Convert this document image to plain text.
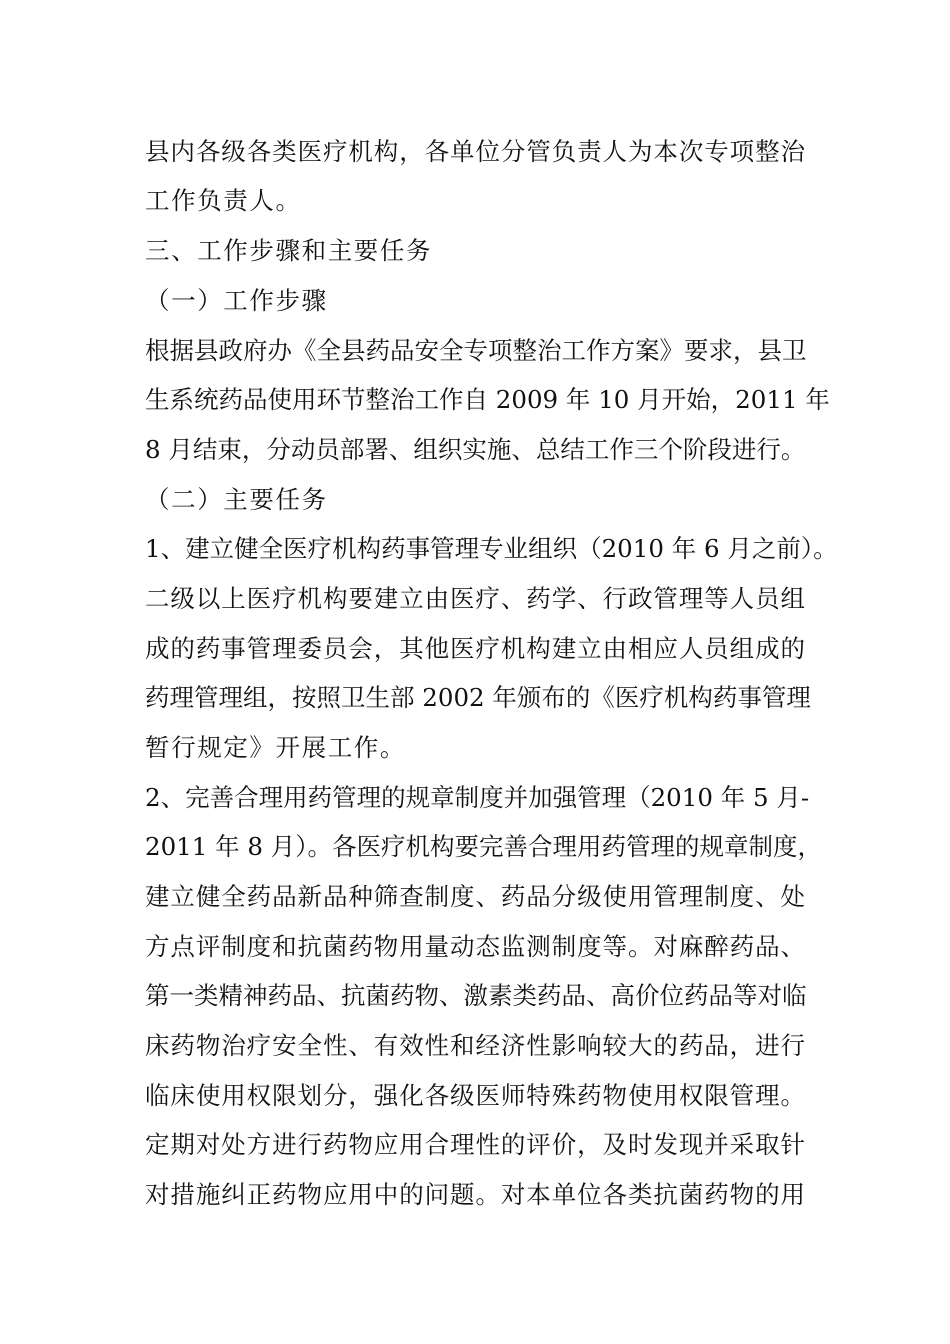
县内各级各类医疗机构，各单位分管负责人为本次专项整治
工作负责人。
三、工作步骤和主要任务
（一）工作步骤
根据县政府办《全县药品安全专项整治工作方案》要求，县卫
生系统药品使用环节整治工作自 2009 年 10 月开始，2011 年
8 月结束，分动员部署、组织实施、总结工作三个阶段进行。
（二）主要任务
1、建立健全医疗机构药事管理专业组织（2010 年 6 月之前）。
二级以上医疗机构要建立由医疗、药学、行政管理等人员组
成的药事管理委员会，其他医疗机构建立由相应人员组成的
药理管理组，按照卫生部 2002 年颁布的《医疗机构药事管理
暂行规定》开展工作。
2、完善合理用药管理的规章制度并加强管理（2010 年 5 月-
2011 年 8 月）。各医疗机构要完善合理用药管理的规章制度，
建立健全药品新品种筛查制度、药品分级使用管理制度、处
方点评制度和抗菌药物用量动态监测制度等。对麻醉药品、
第一类精神药品、抗菌药物、激素类药品、高价位药品等对临
床药物治疗安全性、有效性和经济性影响较大的药品，进行
临床使用权限划分，强化各级医师特殊药物使用权限管理。
定期对处方进行药物应用合理性的评价，及时发现并采取针
对措施纠正药物应用中的问题。对本单位各类抗菌药物的用
